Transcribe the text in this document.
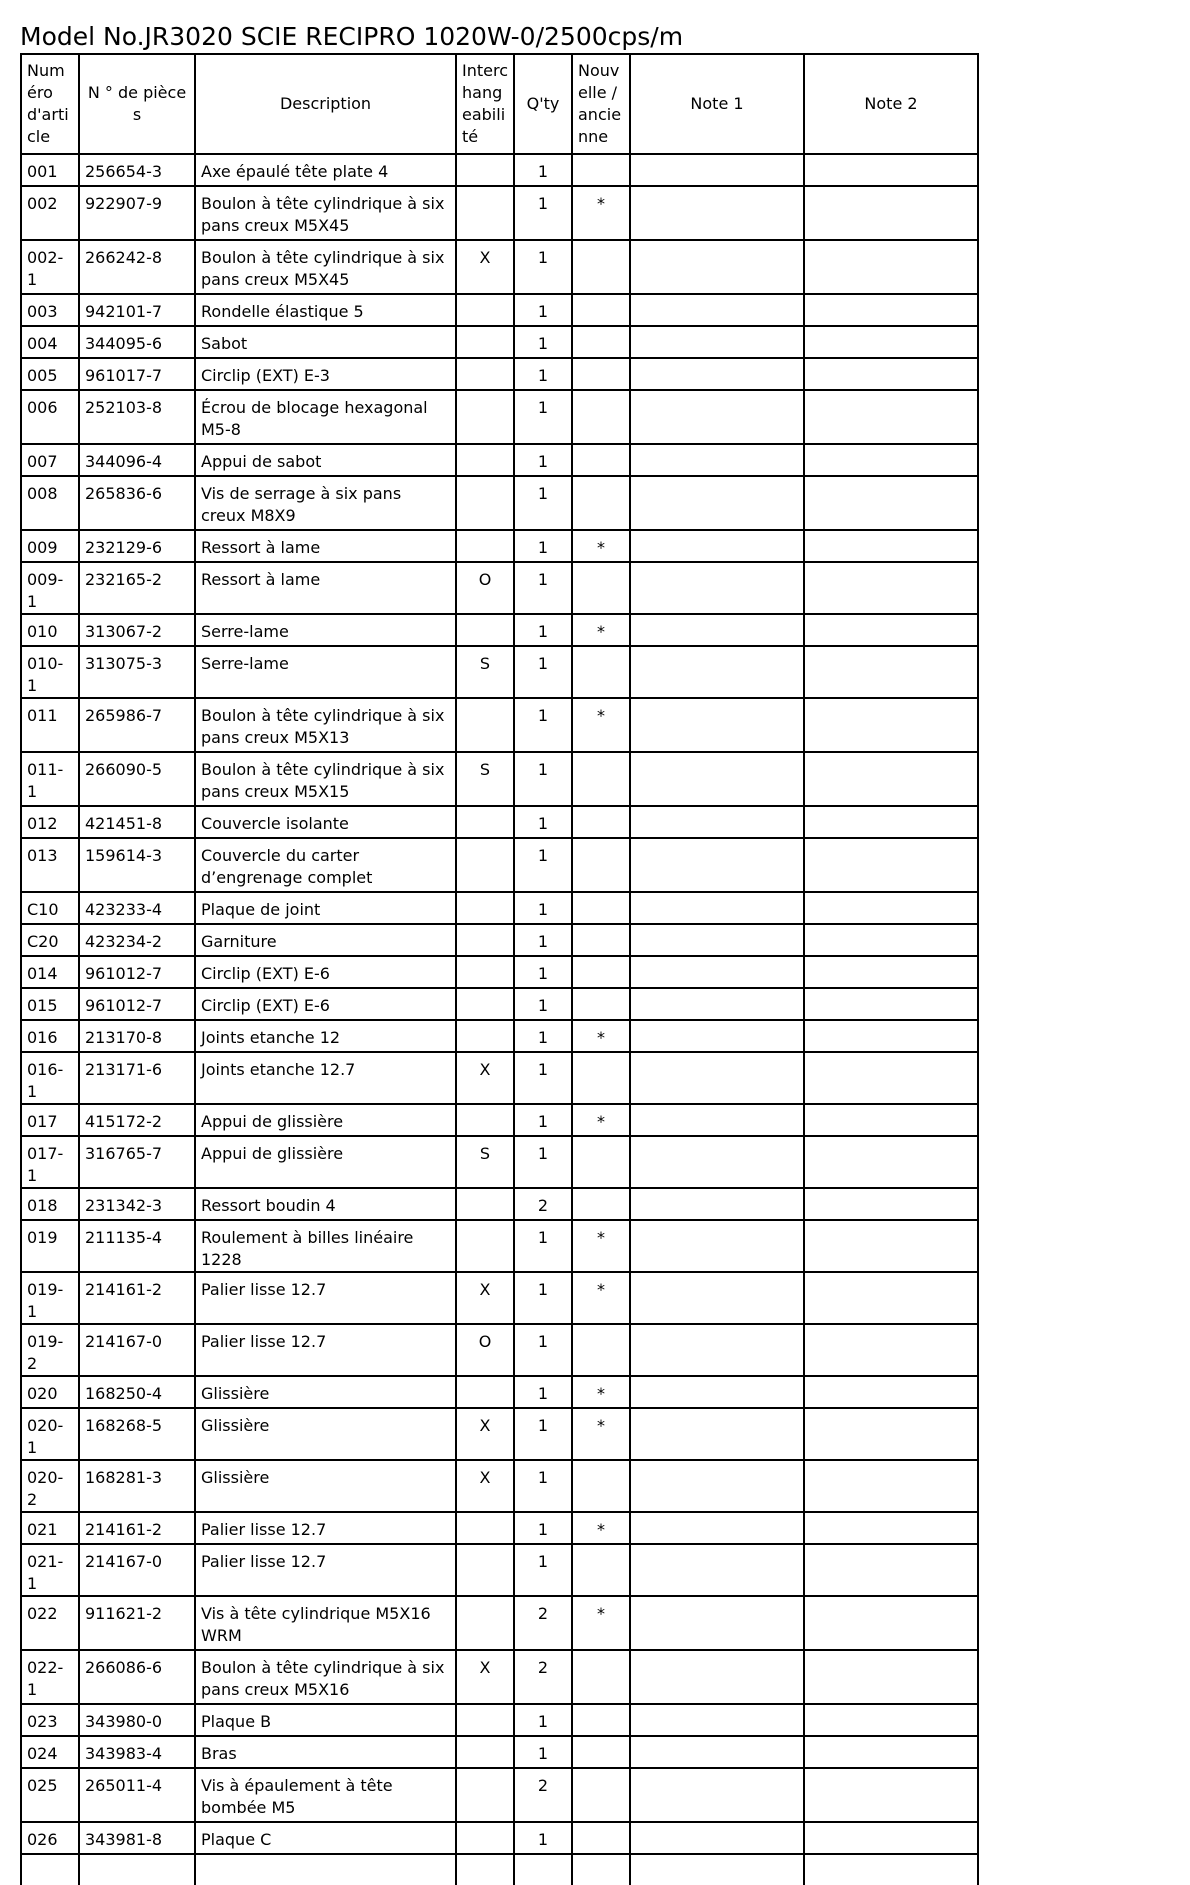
Model No.JR3020 SCIE RECIPRO 1020W-0/2500cps/m
Numéro d'article	N ° de pièces	Description	Interchangeabilité	Q'ty	Nouvelle / ancienne	Note 1	Note 2
001	256654-3	Axe épaulé tête plate 4		1			
002	922907-9	Boulon à tête cylindrique à six pans creux M5X45		1	*		
002-1	266242-8	Boulon à tête cylindrique à six pans creux M5X45	X	1			
003	942101-7	Rondelle élastique 5		1			
004	344095-6	Sabot		1			
005	961017-7	Circlip (EXT) E-3		1			
006	252103-8	Écrou de blocage hexagonal M5-8		1			
007	344096-4	Appui de sabot		1			
008	265836-6	Vis de serrage à six pans creux M8X9		1			
009	232129-6	Ressort à lame		1	*		
009-1	232165-2	Ressort à lame	O	1			
010	313067-2	Serre-lame		1	*		
010-1	313075-3	Serre-lame	S	1			
011	265986-7	Boulon à tête cylindrique à six pans creux M5X13		1	*		
011-1	266090-5	Boulon à tête cylindrique à six pans creux M5X15	S	1			
012	421451-8	Couvercle isolante		1			
013	159614-3	Couvercle du carter d’engrenage complet		1			
C10	423233-4	Plaque de joint		1			
C20	423234-2	Garniture		1			
014	961012-7	Circlip (EXT) E-6		1			
015	961012-7	Circlip (EXT) E-6		1			
016	213170-8	Joints etanche 12		1	*		
016-1	213171-6	Joints etanche 12.7	X	1			
017	415172-2	Appui de glissière		1	*		
017-1	316765-7	Appui de glissière	S	1			
018	231342-3	Ressort boudin 4		2			
019	211135-4	Roulement à billes linéaire 1228		1	*		
019-1	214161-2	Palier lisse 12.7	X	1	*		
019-2	214167-0	Palier lisse 12.7	O	1			
020	168250-4	Glissière		1	*		
020-1	168268-5	Glissière	X	1	*		
020-2	168281-3	Glissière	X	1			
021	214161-2	Palier lisse 12.7		1	*		
021-1	214167-0	Palier lisse 12.7		1			
022	911621-2	Vis à tête cylindrique M5X16 WRM		2	*		
022-1	266086-6	Boulon à tête cylindrique à six pans creux M5X16	X	2			
023	343980-0	Plaque B		1			
024	343983-4	Bras		1			
025	265011-4	Vis à épaulement à tête bombée M5		2			
026	343981-8	Plaque C		1			
